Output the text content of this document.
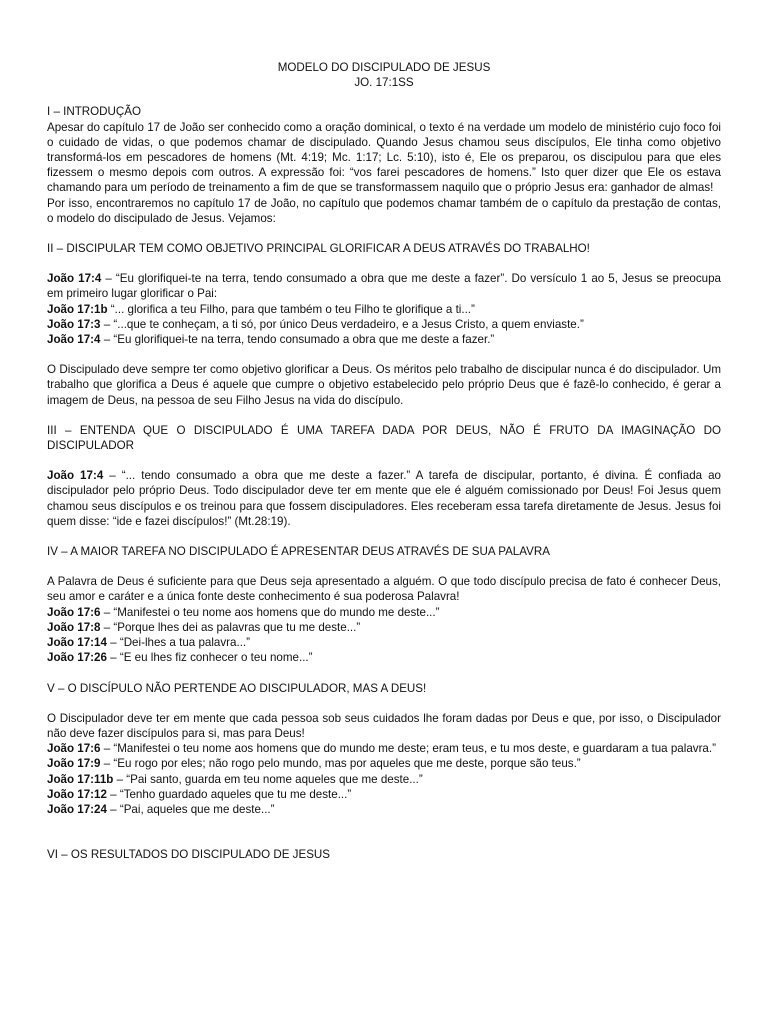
MODELO DO DISCIPULADO DE JESUS

JO. 17:1SS

I – INTRODUÇÃO

Apesar do capítulo 17 de João ser conhecido como a oração dominical, o texto é na verdade um modelo de ministério cujo foco foi o cuidado de vidas, o que podemos chamar de discipulado. Quando Jesus chamou seus discípulos, Ele tinha como objetivo transformá-los em pescadores de homens (Mt. 4:19; Mc. 1:17; Lc. 5:10), isto é, Ele os preparou, os discipulou para que eles fizessem o mesmo depois com outros. A expressão foi: “vos farei pescadores de homens.” Isto quer dizer que Ele os estava chamando para um período de treinamento a fim de que se transformassem naquilo que o próprio Jesus era: ganhador de almas!

Por isso, encontraremos no capítulo 17 de João, no capítulo que podemos chamar também de o capítulo da prestação de contas, o modelo do discipulado de Jesus. Vejamos:

II – DISCIPULAR TEM COMO OBJETIVO PRINCIPAL GLORIFICAR A DEUS ATRAVÉS DO TRABALHO!

João 17:4 – “Eu glorifiquei-te na terra, tendo consumado a obra que me deste a fazer”. Do versículo 1 ao 5, Jesus se preocupa em primeiro lugar glorificar o Pai:

João 17:1b “... glorifica a teu Filho, para que também o teu Filho te glorifique a ti...”

João 17:3 – “...que te conheçam, a ti só, por único Deus verdadeiro, e a Jesus Cristo, a quem enviaste.”

João 17:4 – “Eu glorifiquei-te na terra, tendo consumado a obra que me deste a fazer.”

O Discipulado deve sempre ter como objetivo glorificar a Deus. Os méritos pelo trabalho de discipular nunca é do discipulador. Um trabalho que glorifica a Deus é aquele que cumpre o objetivo estabelecido pelo próprio Deus que é fazê-lo conhecido, é gerar a imagem de Deus, na pessoa de seu Filho Jesus na vida do discípulo.

III – ENTENDA QUE O DISCIPULADO É UMA TAREFA DADA POR DEUS, NÃO É FRUTO DA IMAGINAÇÃO DO DISCIPULADOR

João 17:4 – “... tendo consumado a obra que me deste a fazer.” A tarefa de discipular, portanto, é divina. É confiada ao discipulador pelo próprio Deus. Todo discipulador deve ter em mente que ele é alguém comissionado por Deus! Foi Jesus quem chamou seus discípulos e os treinou para que fossem discipuladores. Eles receberam essa tarefa diretamente de Jesus. Jesus foi quem disse: “ide e fazei discípulos!” (Mt.28:19).

IV – A MAIOR TAREFA NO DISCIPULADO É APRESENTAR DEUS ATRAVÉS DE SUA PALAVRA

A Palavra de Deus é suficiente para que Deus seja apresentado a alguém. O que todo discípulo precisa de fato é conhecer Deus, seu amor e caráter e a única fonte deste conhecimento é sua poderosa Palavra!

João 17:6 – “Manifestei o teu nome aos homens que do mundo me deste...”

João 17:8 – “Porque lhes dei as palavras que tu me deste...”

João 17:14 – “Dei-lhes a tua palavra...”

João 17:26 – “E eu lhes fiz conhecer o teu nome...”

V – O DISCÍPULO NÃO PERTENDE AO DISCIPULADOR, MAS A DEUS!

O Discipulador deve ter em mente que cada pessoa sob seus cuidados lhe foram dadas por Deus e que, por isso, o Discipulador não deve fazer discípulos para si, mas para Deus!

João 17:6 – “Manifestei o teu nome aos homens que do mundo me deste; eram teus, e tu mos deste, e guardaram a tua palavra.”

João 17:9 – “Eu rogo por eles; não rogo pelo mundo, mas por aqueles que me deste, porque são teus.”

João 17:11b – “Pai santo, guarda em teu nome aqueles que me deste...”

João 17:12 – “Tenho guardado aqueles que tu me deste...”

João 17:24 – “Pai, aqueles que me deste...”

VI – OS RESULTADOS DO DISCIPULADO DE JESUS
